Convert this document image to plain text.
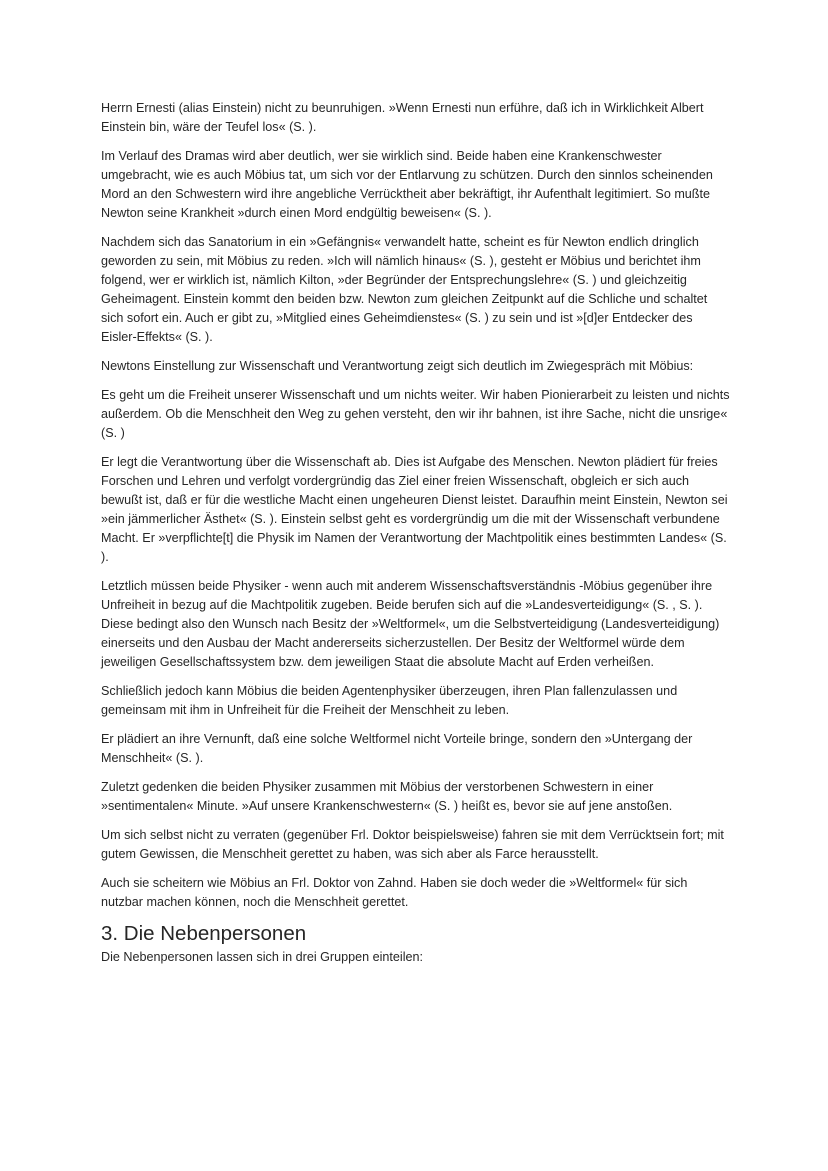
Herrn Ernesti (alias Einstein) nicht zu beunruhigen. »Wenn Ernesti nun erführe, daß ich in Wirklichkeit Albert Einstein bin, wäre der Teufel los« (S. ).

Im Verlauf des Dramas wird aber deutlich, wer sie wirklich sind. Beide haben eine Krankenschwester umgebracht, wie es auch Möbius tat, um sich vor der Entlarvung zu schützen. Durch den sinnlos scheinenden Mord an den Schwestern wird ihre angebliche Verrücktheit aber bekräftigt, ihr Aufenthalt legitimiert. So mußte Newton seine Krankheit »durch einen Mord endgültig beweisen« (S. ).

Nachdem sich das Sanatorium in ein »Gefängnis« verwandelt hatte, scheint es für Newton endlich dringlich geworden zu sein, mit Möbius zu reden. »Ich will nämlich hinaus« (S. ), gesteht er Möbius und berichtet ihm folgend, wer er wirklich ist, nämlich Kilton, »der Begründer der Entsprechungslehre« (S. ) und gleichzeitig Geheimagent. Einstein kommt den beiden bzw. Newton zum gleichen Zeitpunkt auf die Schliche und schaltet sich sofort ein. Auch er gibt zu, »Mitglied eines Geheimdienstes« (S. ) zu sein und ist »[d]er Entdecker des Eisler-Effekts« (S. ).

Newtons Einstellung zur Wissenschaft und Verantwortung zeigt sich deutlich im Zwiegespräch mit Möbius:

Es geht um die Freiheit unserer Wissenschaft und um nichts weiter. Wir haben Pionierarbeit zu leisten und nichts außerdem. Ob die Menschheit den Weg zu gehen versteht, den wir ihr bahnen, ist ihre Sache, nicht die unsrige« (S. )

Er legt die Verantwortung über die Wissenschaft ab. Dies ist Aufgabe des Menschen. Newton plädiert für freies Forschen und Lehren und verfolgt vordergründig das Ziel einer freien Wissenschaft, obgleich er sich auch bewußt ist, daß er für die westliche Macht einen ungeheuren Dienst leistet. Daraufhin meint Einstein, Newton sei »ein jämmerlicher Ästhet« (S. ). Einstein selbst geht es vordergründig um die mit der Wissenschaft verbundene Macht. Er »verpflichte[t] die Physik im Namen der Verantwortung der Machtpolitik eines bestimmten Landes« (S. ).

Letztlich müssen beide Physiker - wenn auch mit anderem Wissenschaftsverständnis -Möbius gegenüber ihre Unfreiheit in bezug auf die Machtpolitik zugeben. Beide berufen sich auf die »Landesverteidigung« (S. , S. ). Diese bedingt also den Wunsch nach Besitz der »Weltformel«, um die Selbstverteidigung (Landesverteidigung) einerseits und den Ausbau der Macht andererseits sicherzustellen. Der Besitz der Weltformel würde dem jeweiligen Gesellschaftssystem bzw. dem jeweiligen Staat die absolute Macht auf Erden verheißen.

Schließlich jedoch kann Möbius die beiden Agentenphysiker überzeugen, ihren Plan fallenzulassen und gemeinsam mit ihm in Unfreiheit für die Freiheit der Menschheit zu leben.

Er plädiert an ihre Vernunft, daß eine solche Weltformel nicht Vorteile bringe, sondern den »Untergang der Menschheit« (S. ).

Zuletzt gedenken die beiden Physiker zusammen mit Möbius der verstorbenen Schwestern in einer »sentimentalen« Minute. »Auf unsere Krankenschwestern« (S. ) heißt es, bevor sie auf jene anstoßen.

Um sich selbst nicht zu verraten (gegenüber Frl. Doktor beispielsweise) fahren sie mit dem Verrücktsein fort; mit gutem Gewissen, die Menschheit gerettet zu haben, was sich aber als Farce herausstellt.

Auch sie scheitern wie Möbius an Frl. Doktor von Zahnd. Haben sie doch weder die »Weltformel« für sich nutzbar machen können, noch die Menschheit gerettet.

3. Die Nebenpersonen

Die Nebenpersonen lassen sich in drei Gruppen einteilen:
